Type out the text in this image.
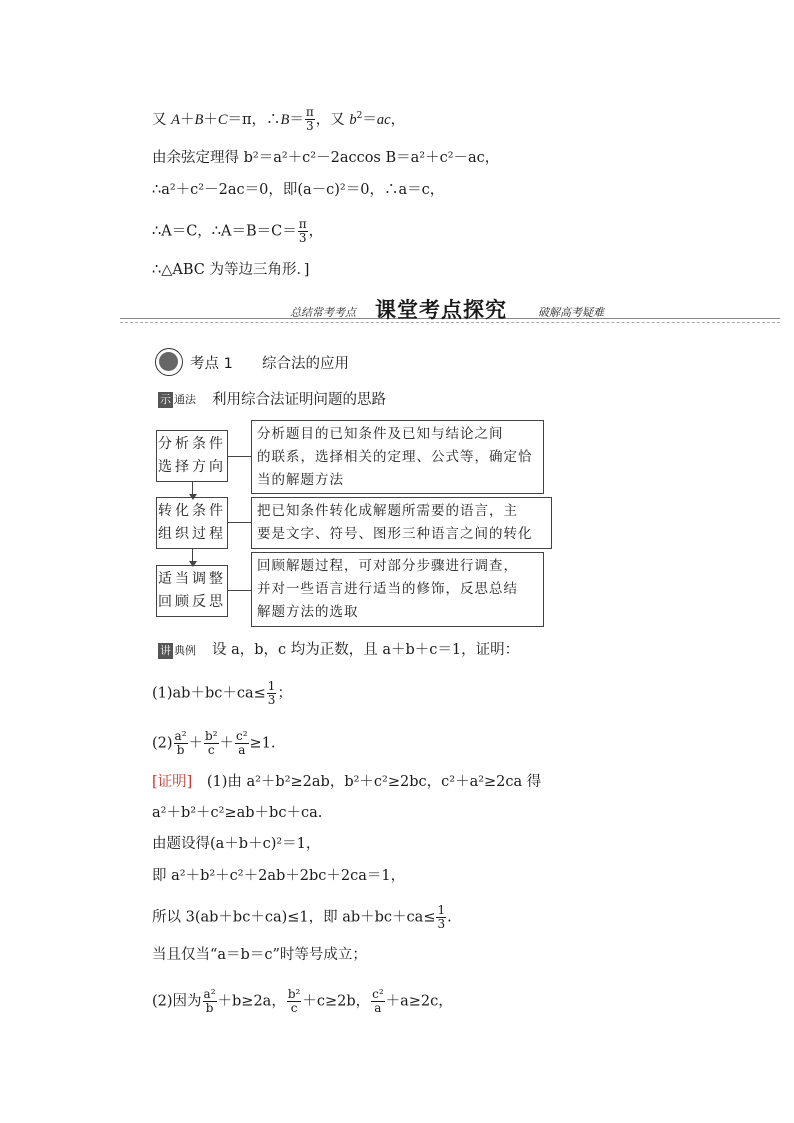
又 A＋B＋C＝π，∴B＝ $\frac{\pi}{3}$ ，又 $b^2=ac$，
由余弦定理得 b²＝a²＋c²－2accos B＝a²＋c²－ac，
∴a²＋c²－2ac＝0，即(a－c)²＝0，∴a＝c，
∴A＝C，∴A＝B＝C＝ $\frac{\pi}{3}$ ，
∴△ABC 为等边三角形．]
总结常考考点 课堂考点探究	破解高考疑难
考点 1 综合法的应用
示 通法 利用综合法证明问题的思路
分析条件
选择方向
分析题目的已知条件及已知与结论之间
的联系，选择相关的定理、公式等，确定恰
当的解题方法
转化条件
组织过程
把已知条件转化成解题所需要的语言，主
要是文字、符号、图形三种语言之间的转化
适当调整
回顾反思
回顾解题过程，可对部分步骤进行调查，
并对一些语言进行适当的修饰，反思总结
解题方法的选取
讲 典例 设 a，b，c 均为正数，且 a＋b＋c＝1，证明：
$(1)ab+bc+ca\le \frac{1}{3}$ ；
$(2) \frac{\text{a²}}{b} + \frac{\text{b²}}{c} + \frac{\text{c²}}{a} \ge 1$.
[证明]　(1)由 a²＋b²≥2ab，b²＋c²≥2bc，c²＋a²≥2ca 得
a²＋b²＋c²≥ab＋bc＋ca.
由题设得(a＋b＋c)²＝1，
即 a²＋b²＋c²＋2ab＋2bc＋2ca＝1，
所以 3(ab＋bc＋ca)≤1，即 $ab+bc+ca\le \frac{1}{3}$ .
当且仅当“a＝b＝c”时等号成立；
(2)因为 $\frac{\text{a²}}{b} +b\ge 2a$， $\frac{\text{b²}}{c} +c\ge 2b$， $\frac{\text{c²}}{a} +a\ge 2c$，
